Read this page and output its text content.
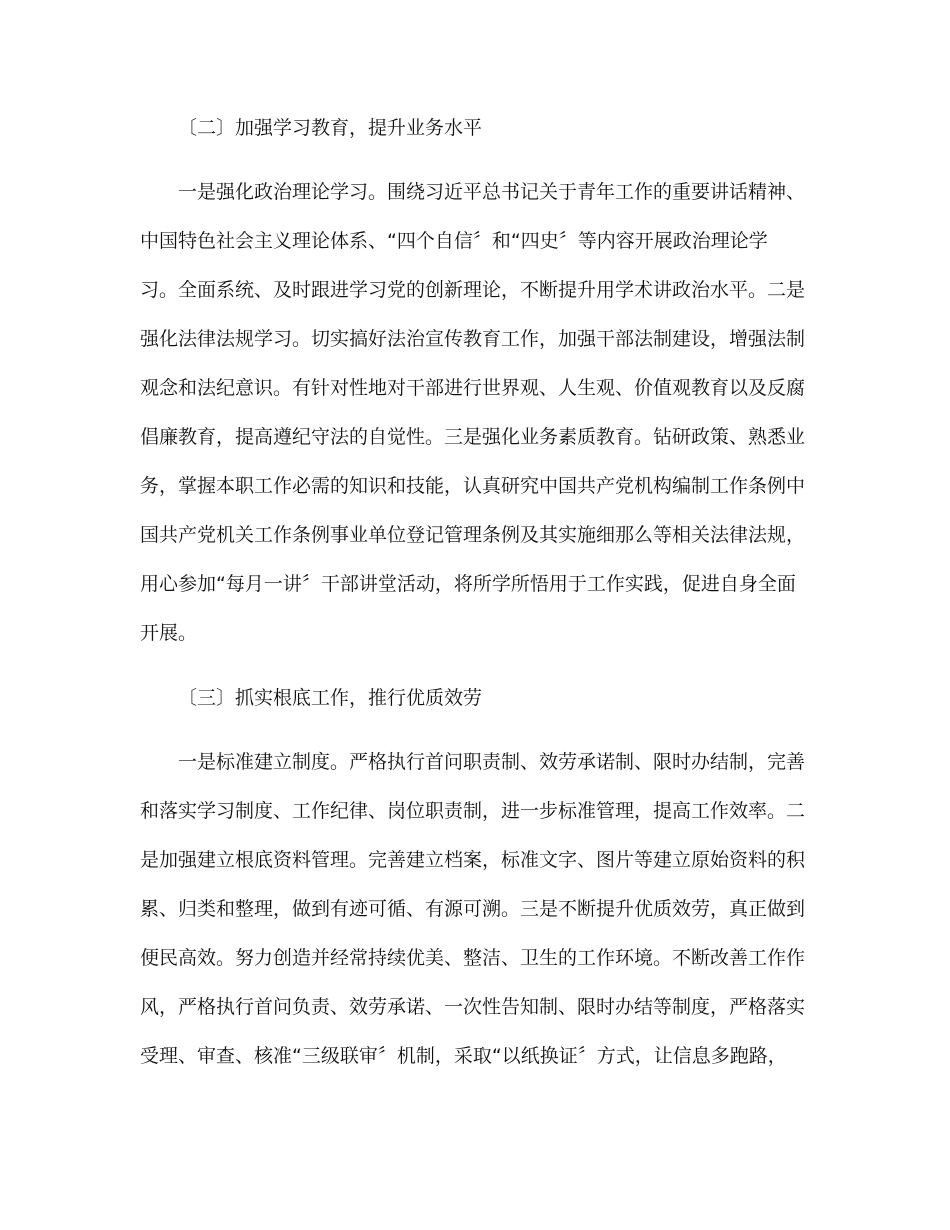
〔二〕加强学习教育，提升业务水平
一是强化政治理论学习。围绕习近平总书记关于青年工作的重要讲话精神、
中国特色社会主义理论体系、“四个自信〞和“四史〞等内容开展政治理论学
习。全面系统、及时跟进学习党的创新理论，不断提升用学术讲政治水平。二是
强化法律法规学习。切实搞好法治宣传教育工作，加强干部法制建设，增强法制
观念和法纪意识。有针对性地对干部进行世界观、人生观、价值观教育以及反腐
倡廉教育，提高遵纪守法的自觉性。三是强化业务素质教育。钻研政策、熟悉业
务，掌握本职工作必需的知识和技能，认真研究中国共产党机构编制工作条例中
国共产党机关工作条例事业单位登记管理条例及其实施细那么等相关法律法规，
用心参加“每月一讲〞干部讲堂活动，将所学所悟用于工作实践，促进自身全面
开展。
〔三〕抓实根底工作，推行优质效劳
一是标准建立制度。严格执行首问职责制、效劳承诺制、限时办结制，完善
和落实学习制度、工作纪律、岗位职责制，进一步标准管理，提高工作效率。二
是加强建立根底资料管理。完善建立档案，标准文字、图片等建立原始资料的积
累、归类和整理，做到有迹可循、有源可溯。三是不断提升优质效劳，真正做到
便民高效。努力创造并经常持续优美、整洁、卫生的工作环境。不断改善工作作
风，严格执行首问负责、效劳承诺、一次性告知制、限时办结等制度，严格落实
受理、审查、核准“三级联审〞机制，采取“以纸换证〞方式，让信息多跑路，
